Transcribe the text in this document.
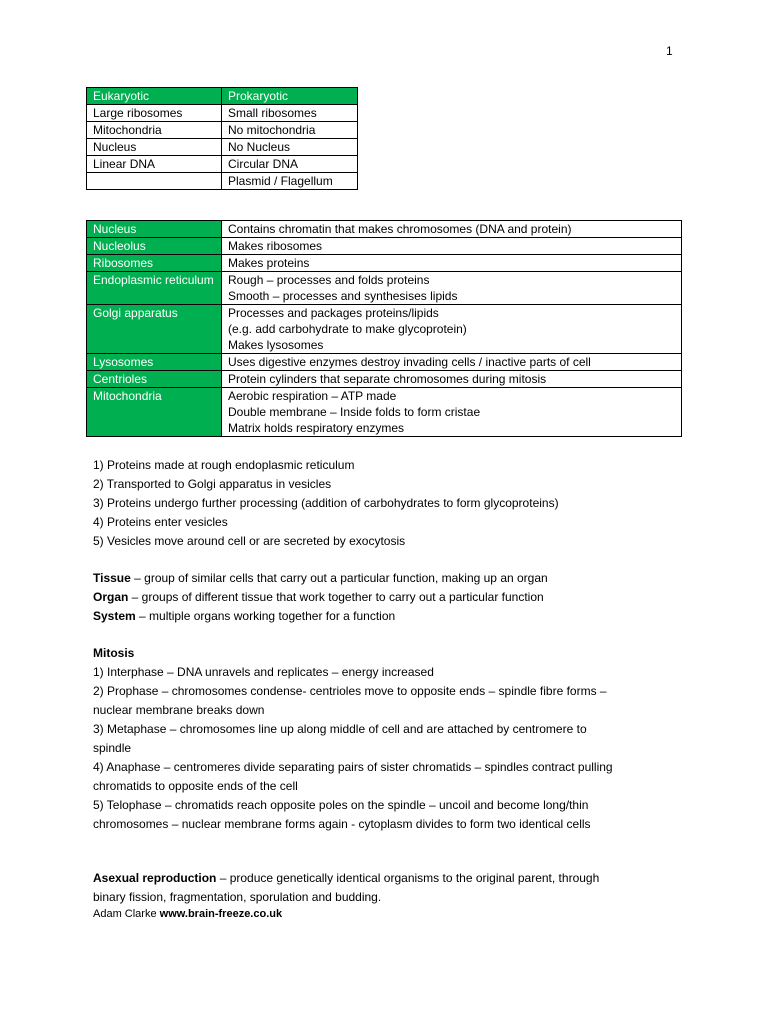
1
Eukaryotic	Prokaryotic
Large ribosomes	Small ribosomes
Mitochondria	No mitochondria
Nucleus	No Nucleus
Linear DNA	Circular DNA
	Plasmid / Flagellum
Nucleus	Contains chromatin that makes chromosomes (DNA and protein)

Nucleolus	Makes ribosomes

Ribosomes	Makes proteins

Endoplasmic reticulum	Rough – processes and folds proteins
Smooth – processes and synthesises lipids

Golgi apparatus	Processes and packages proteins/lipids
(e.g. add carbohydrate to make glycoprotein)
Makes lysosomes

Lysosomes	Uses digestive enzymes destroy invading cells / inactive parts of cell

Centrioles	Protein cylinders that separate chromosomes during mitosis

Mitochondria	Aerobic respiration – ATP made
Double membrane – Inside folds to form cristae
Matrix holds respiratory enzymes
1) Proteins made at rough endoplasmic reticulum
2) Transported to Golgi apparatus in vesicles
3) Proteins undergo further processing (addition of carbohydrates to form glycoproteins)
4) Proteins enter vesicles
5) Vesicles move around cell or are secreted by exocytosis
Tissue – group of similar cells that carry out a particular function, making up an organ
Organ – groups of different tissue that work together to carry out a particular function
System – multiple organs working together for a function
Mitosis
1) Interphase – DNA unravels and replicates – energy increased
2) Prophase – chromosomes condense- centrioles move to opposite ends – spindle fibre forms –
nuclear membrane breaks down
3) Metaphase – chromosomes line up along middle of cell and are attached by centromere to
spindle
4) Anaphase – centromeres divide separating pairs of sister chromatids – spindles contract pulling
chromatids to opposite ends of the cell
5) Telophase – chromatids reach opposite poles on the spindle – uncoil and become long/thin
chromosomes – nuclear membrane forms again - cytoplasm divides to form two identical cells
Asexual reproduction – produce genetically identical organisms to the original parent, through
binary fission, fragmentation, sporulation and budding.
Adam Clarke www.brain-freeze.co.uk
